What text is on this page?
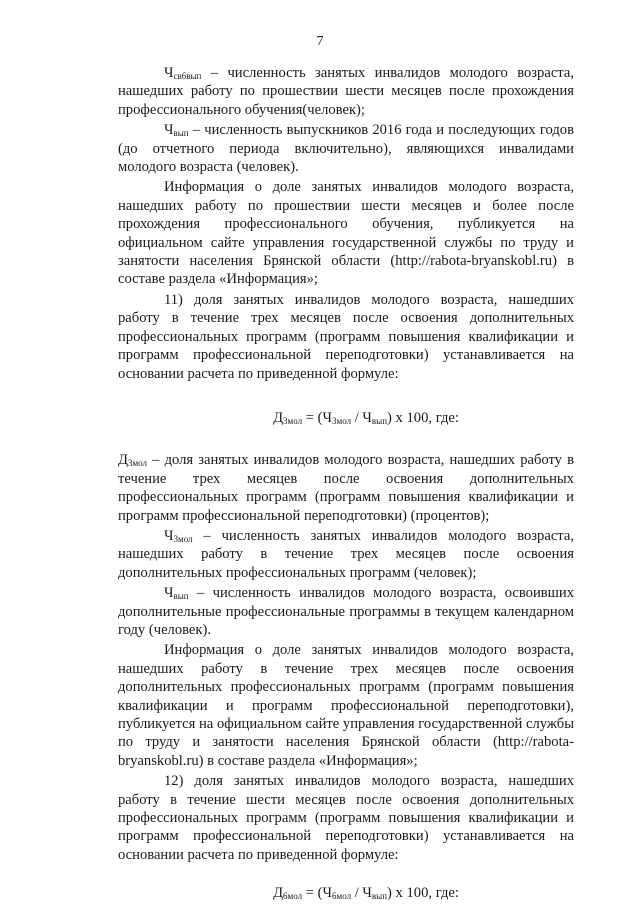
7

$Ч_{св6вып}$ – численность занятых инвалидов молодого возраста, нашедших работу по прошествии шести месяцев после прохождения профессионального обучения(человек);

$Ч_{вып}$ – численность выпускников 2016 года и последующих годов (до отчетного периода включительно), являющихся инвалидами молодого возраста (человек).

Информация о доле занятых инвалидов молодого возраста, нашедших работу по прошествии шести месяцев и более после прохождения профессионального обучения, публикуется на официальном сайте управления государственной службы по труду и занятости населения Брянской области (http://rabota-bryanskobl.ru) в составе раздела «Информация»;

11) доля занятых инвалидов молодого возраста, нашедших работу в течение трех месяцев после освоения дополнительных профессиональных программ (программ повышения квалификации и программ профессиональной переподготовки) устанавливается на основании расчета по приведенной формуле:

$Д_{3мол} = (Ч_{3мол} / Ч_{вып})$ х 100, где:

$Д_{3мол}$ – доля занятых инвалидов молодого возраста, нашедших работу в течение трех месяцев после освоения дополнительных профессиональных программ (программ повышения квалификации и программ профессиональной переподготовки) (процентов);

$Ч_{3мол}$ – численность занятых инвалидов молодого возраста, нашедших работу в течение трех месяцев после освоения дополнительных профессиональных программ (человек);

$Ч_{вып}$ – численность инвалидов молодого возраста, освоивших дополнительные профессиональные программы в текущем календарном году (человек).

Информация о доле занятых инвалидов молодого возраста, нашедших работу в течение трех месяцев после освоения дополнительных профессиональных программ (программ повышения квалификации и программ профессиональной переподготовки), публикуется на официальном сайте управления государственной службы по труду и занятости населения Брянской области (http://rabota-bryanskobl.ru) в составе раздела «Информация»;

12) доля занятых инвалидов молодого возраста, нашедших работу в течение шести месяцев после освоения дополнительных профессиональных программ (программ повышения квалификации и программ профессиональной переподготовки) устанавливается на основании расчета по приведенной формуле:

$Д_{6мол} = (Ч_{6мол} / Ч_{вып})$ х 100, где:
